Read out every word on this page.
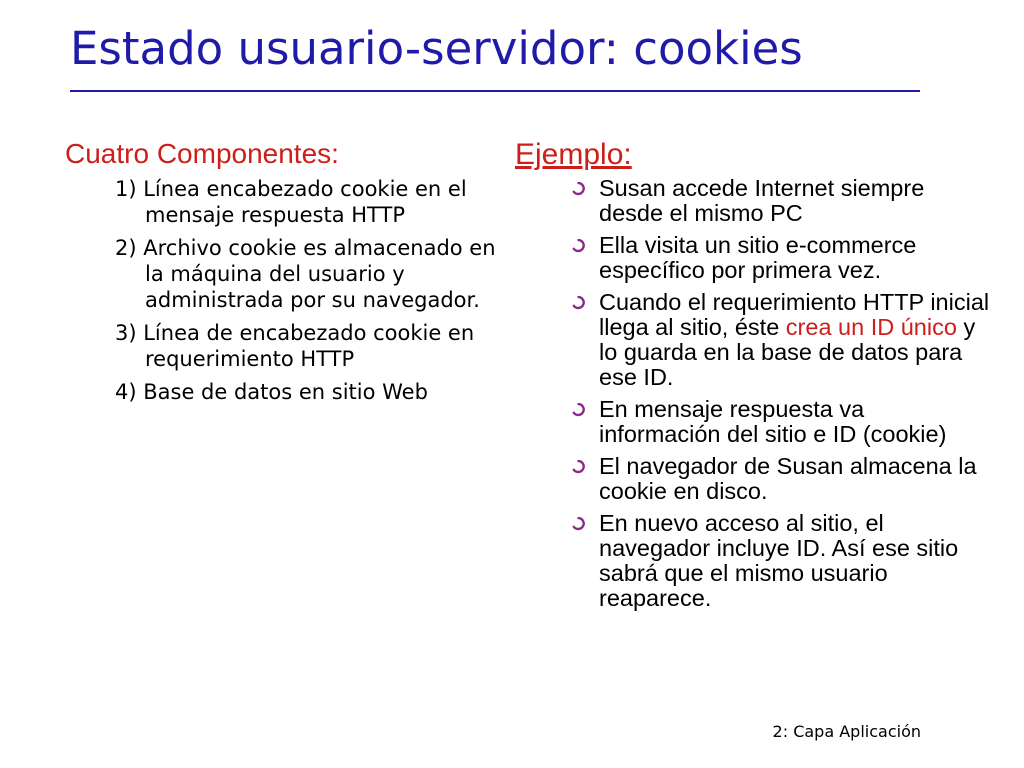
Estado usuario-servidor: cookies
Cuatro Componentes:
1) Línea encabezado cookie en el mensaje respuesta HTTP
2) Archivo cookie es almacenado en la máquina del usuario y administrada por su navegador.
3) Línea de encabezado cookie en requerimiento HTTP
4) Base de datos en sitio Web
Ejemplo:
Susan accede Internet siempre desde el mismo PC
Ella visita un sitio e-commerce específico por primera vez.
Cuando el requerimiento HTTP inicial llega al sitio, éste crea un ID único y lo guarda en la base de datos para ese ID.
En mensaje respuesta va información del sitio e ID (cookie)
El navegador de Susan almacena la cookie en disco.
En nuevo acceso al sitio, el navegador incluye ID. Así ese sitio sabrá que el mismo usuario reaparece.
2: Capa Aplicación
